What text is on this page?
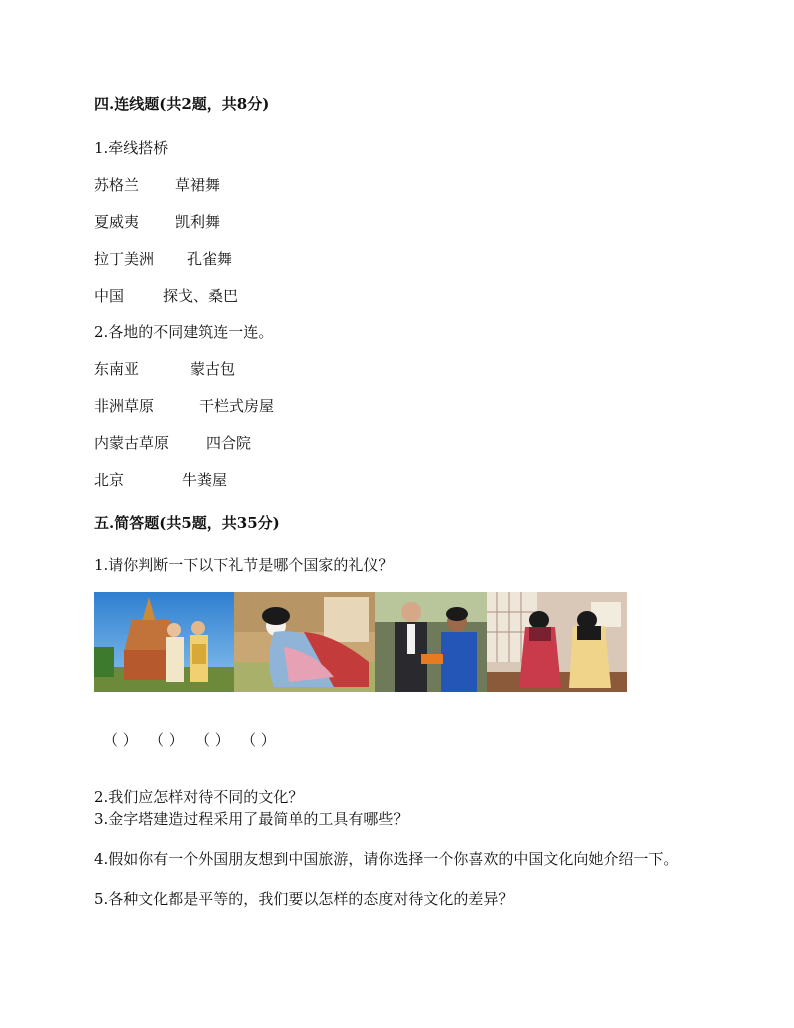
四.连线题(共2题，共8分)
1.牵线搭桥
苏格兰 草裙舞
夏威夷 凯利舞
拉丁美洲 孔雀舞
中国	探戈、桑巴
2.各地的不同建筑连一连。
东南亚	蒙古包
非洲草原	干栏式房屋
内蒙古草原 四合院
北京	牛粪屋
五.简答题(共5题，共35分)
1.请你判断一下以下礼节是哪个国家的礼仪？
（ ） （ ） （ ） （ ）
2.我们应怎样对待不同的文化？
3.金字塔建造过程采用了最简单的工具有哪些？
4.假如你有一个外国朋友想到中国旅游，请你选择一个你喜欢的中国文化向她介绍一下。
5.各种文化都是平等的，我们要以怎样的态度对待文化的差异？
